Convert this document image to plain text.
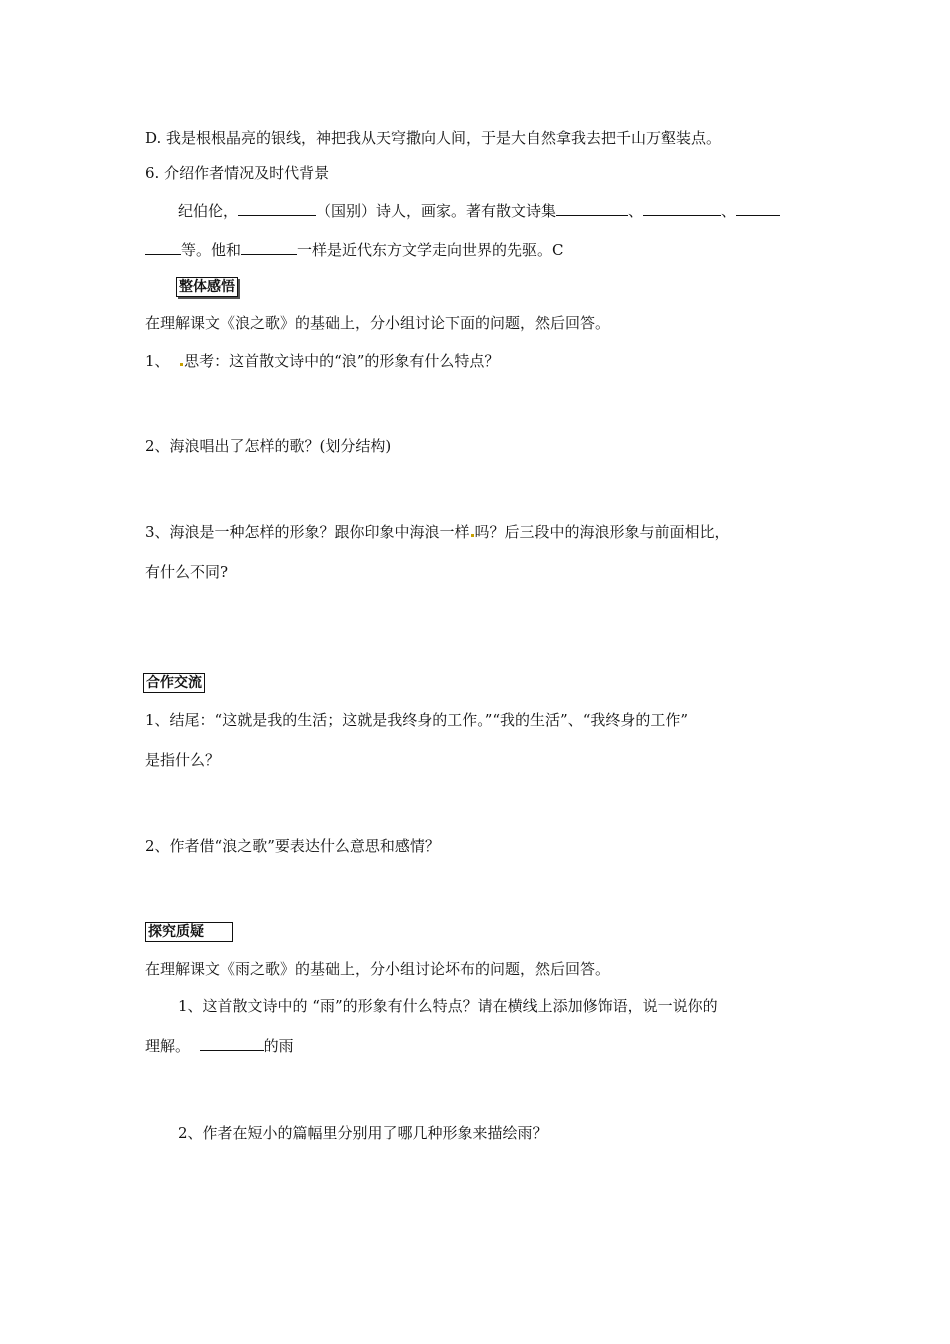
D. 我是根根晶亮的银线，神把我从天穹撒向人间，于是大自然拿我去把千山万壑装点。
6. 介绍作者情况及时代背景
纪伯伦，	（国别）诗人，画家。著有散文诗集	、	、
等。他和	一样是近代东方文学走向世界的先驱。C
整体感悟
在理解课文《浪之歌》的基础上，分小组讨论下面的问题，然后回答。
1、 思考：这首散文诗中的“浪”的形象有什么特点？
2、海浪唱出了怎样的歌？(划分结构)
3、海浪是一种怎样的形象？跟你印象中海浪一样 吗？后三段中的海浪形象与前面相比，
有什么不同?
合作交流
1、结尾：“这就是我的生活；这就是我终身的工作。”“我的生活”、“我终身的工作”
是指什么？
2、作者借“浪之歌”要表达什么意思和感情？
探究质疑
在理解课文《雨之歌》的基础上，分小组讨论坏布的问题，然后回答。
1、这首散文诗中的 “雨”的形象有什么特点？请在横线上添加修饰语，说一说你的
理解。	的雨
2、作者在短小的篇幅里分别用了哪几种形象来描绘雨？
